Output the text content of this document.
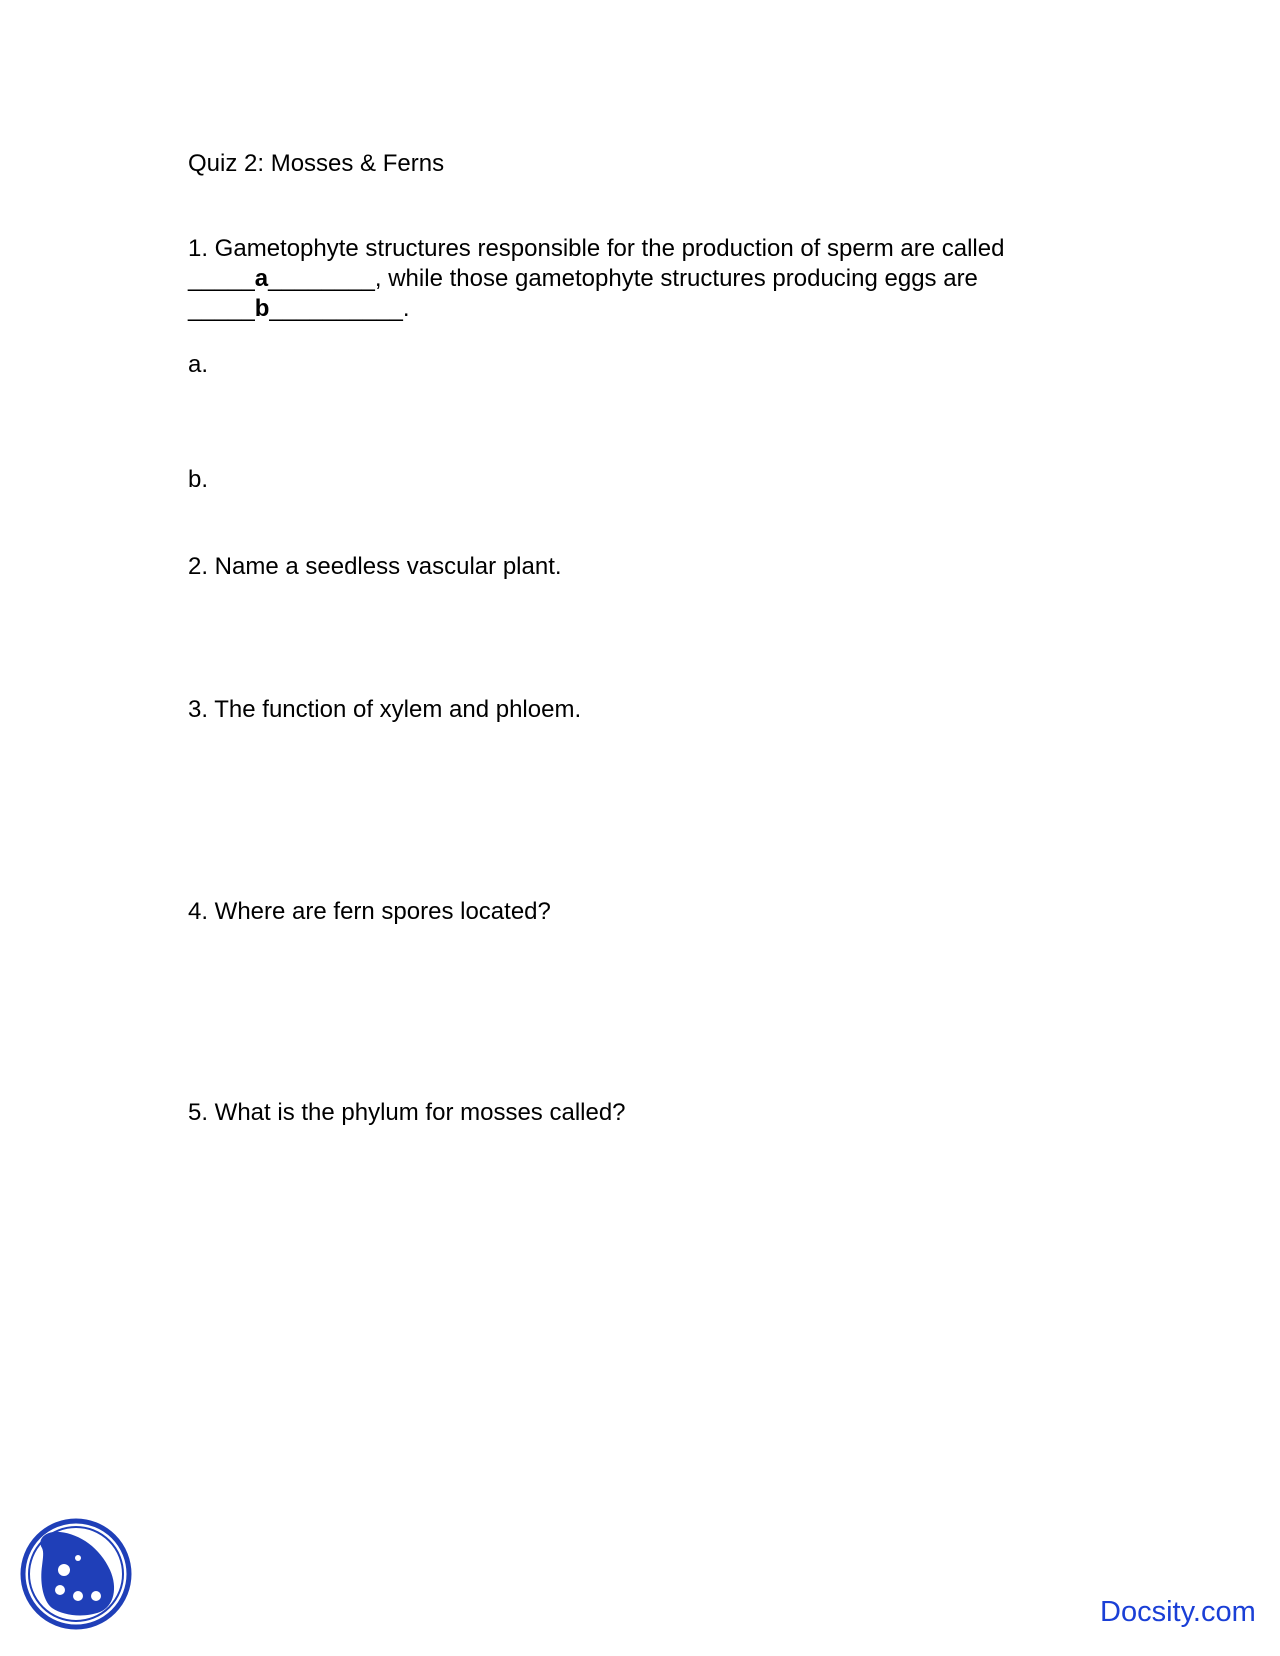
Quiz 2: Mosses & Ferns

1. Gametophyte structures responsible for the production of sperm are called

_____a________, while those gametophyte structures producing eggs are

_____b__________.

a.

b.

2. Name a seedless vascular plant.

3. The function of xylem and phloem.

4. Where are fern spores located?

5. What is the phylum for mosses called?

Docsity.com
